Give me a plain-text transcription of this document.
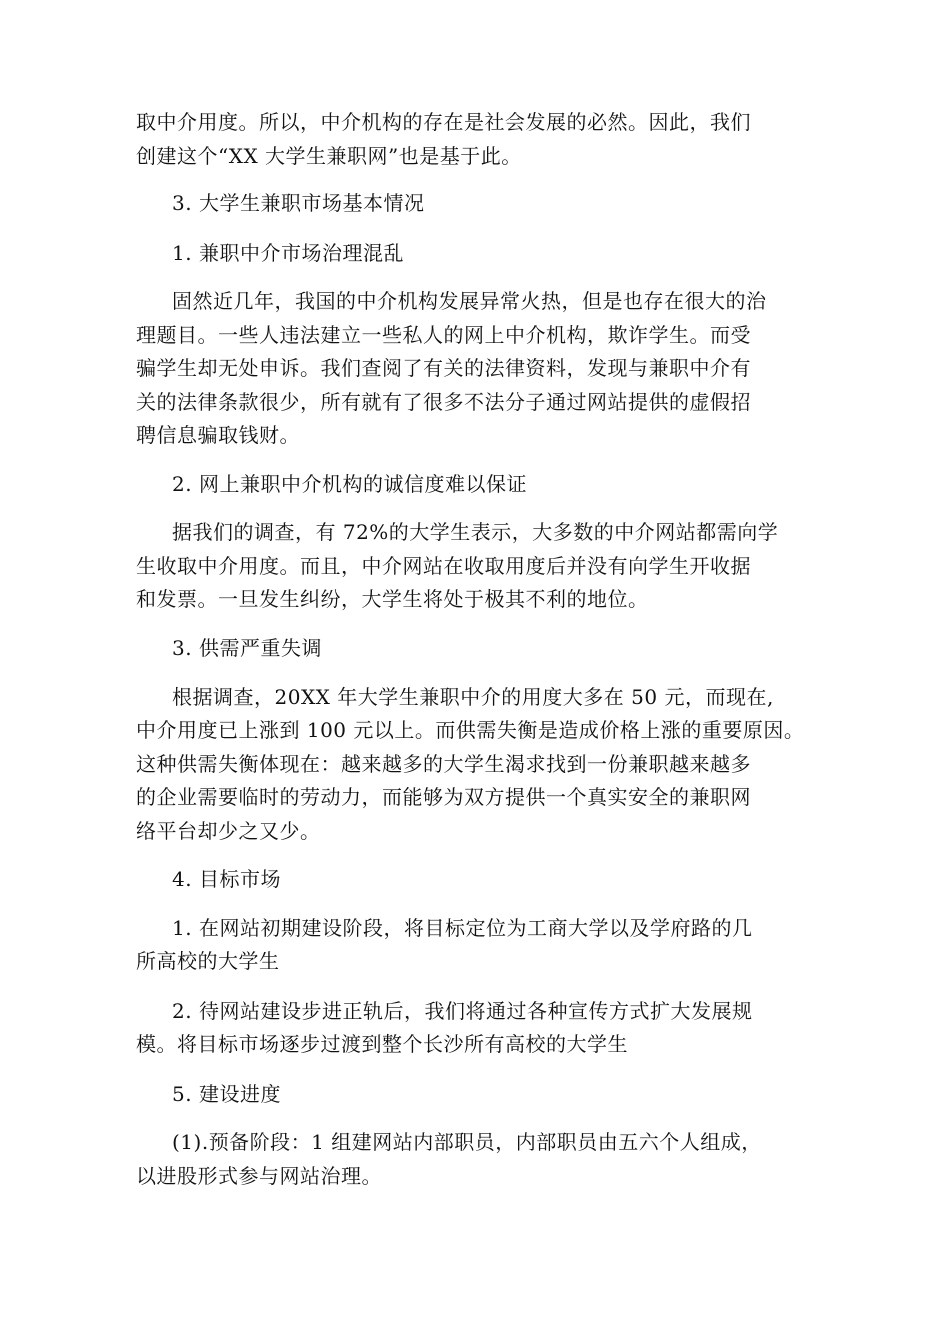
取中介用度。所以，中介机构的存在是社会发展的必然。因此，我们

创建这个“XX 大学生兼职网”也是基于此。

3. 大学生兼职市场基本情况

1. 兼职中介市场治理混乱

固然近几年，我国的中介机构发展异常火热，但是也存在很大的治

理题目。一些人违法建立一些私人的网上中介机构，欺诈学生。而受

骗学生却无处申诉。我们查阅了有关的法律资料，发现与兼职中介有

关的法律条款很少，所有就有了很多不法分子通过网站提供的虚假招

聘信息骗取钱财。

2. 网上兼职中介机构的诚信度难以保证

据我们的调查，有 72%的大学生表示，大多数的中介网站都需向学

生收取中介用度。而且，中介网站在收取用度后并没有向学生开收据

和发票。一旦发生纠纷，大学生将处于极其不利的地位。

3. 供需严重失调

根据调查，20XX 年大学生兼职中介的用度大多在 50 元，而现在,

中介用度已上涨到 100 元以上。而供需失衡是造成价格上涨的重要原因。

这种供需失衡体现在：越来越多的大学生渴求找到一份兼职越来越多

的企业需要临时的劳动力，而能够为双方提供一个真实安全的兼职网

络平台却少之又少。

4. 目标市场

1. 在网站初期建设阶段，将目标定位为工商大学以及学府路的几

所高校的大学生

2. 待网站建设步进正轨后，我们将通过各种宣传方式扩大发展规

模。将目标市场逐步过渡到整个长沙所有高校的大学生

5. 建设进度

(1).预备阶段：1 组建网站内部职员，内部职员由五六个人组成，

以进股形式参与网站治理。
